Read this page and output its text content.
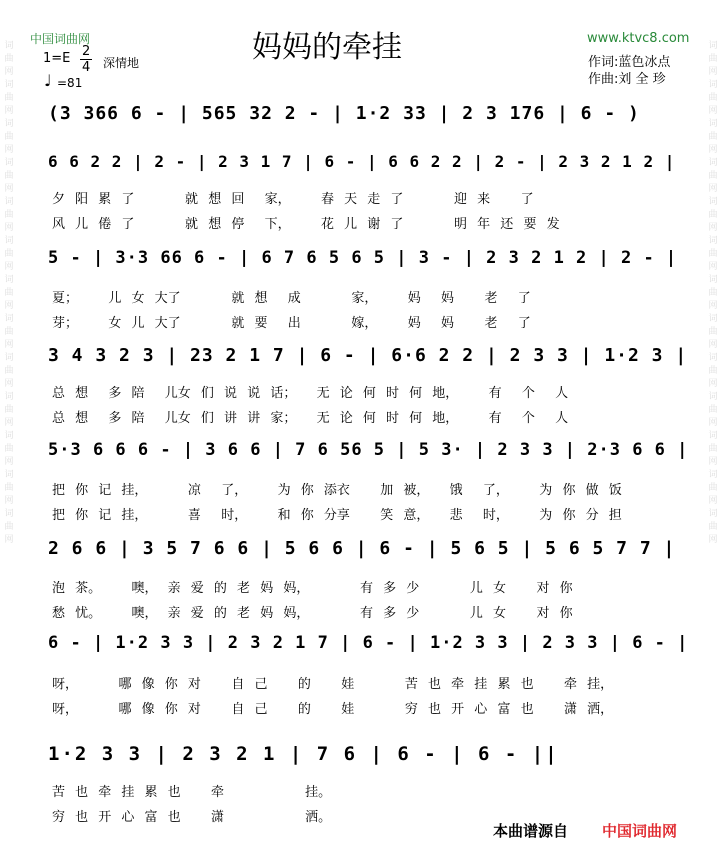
词曲网词曲网词曲网词曲网词曲网词曲网词曲网词曲网词曲网词曲网词曲网词曲网词曲网
词曲网词曲网词曲网词曲网词曲网词曲网词曲网词曲网词曲网词曲网词曲网词曲网词曲网
中国词曲网	妈妈的牵挂	www.ktvc8.com
1=E 2
4 深情地
♩ =81
作词:蓝色冰点
作曲:刘 全 珍
(3 366 6 - | 565 32 2 - | 1·2 33 | 2 3 176 | 6 - )
6 6 2 2 | 2 - | 2 3 1 7 | 6 - | 6 6 2 2 | 2 - | 2 3 2 1 2 |
夕 阳 累 了     就 想 回  家，   春 天 走 了     迎 来   了
风 儿 倦 了     就 想 停  下，   花 儿 谢 了     明 年 还 要 发
5 - | 3·3 66 6 - | 6 7 6 5 6 5 | 3 - | 2 3 2 1 2 | 2 - |
夏；   儿 女 大了     就 想  成     家，   妈  妈   老  了
芽；   女 儿 大了     就 要  出     嫁，   妈  妈   老  了
3 4 3 2 3 | 23 2 1 7 | 6 - | 6·6 2 2 | 2 3 3 | 1·2 3 |
总 想  多 陪  儿女 们 说 说 话；  无 论 何 时 何 地，   有  个  人
总 想  多 陪  儿女 们 讲 讲 家；  无 论 何 时 何 地，   有  个  人
5·3 6 6 6 - | 3 6 6 | 7 6 56 5 | 5 3· | 2 3 3 | 2·3 6 6 |
把 你 记 挂，    凉  了，   为 你 添衣   加 被，  饿  了，   为 你 做 饭
把 你 记 挂，    喜  时，   和 你 分享   笑 意，  悲  时，   为 你 分 担
2 6 6 | 3 5 7 6 6 | 5 6 6 | 6 - | 5 6 5 | 5 6 5 7 7 |
泡 茶。   噢， 亲 爱 的 老 妈 妈，     有 多 少     儿 女   对 你
愁 忧。   噢， 亲 爱 的 老 妈 妈，     有 多 少     儿 女   对 你
6 - | 1·2 3 3 | 2 3 2 1 7 | 6 - | 1·2 3 3 | 2 3 3 | 6 - |
呀，    哪 像 你 对   自 己   的   娃     苦 也 牵 挂 累 也   牵 挂，
呀，    哪 像 你 对   自 己   的   娃     穷 也 开 心 富 也   潇 洒，
1·2 3 3 | 2 3 2 1 | 7 6 | 6 - | 6 - ||
苦 也 牵 挂 累 也   牵        挂。
穷 也 开 心 富 也   潇        洒。
本曲谱源自 中国词曲网
